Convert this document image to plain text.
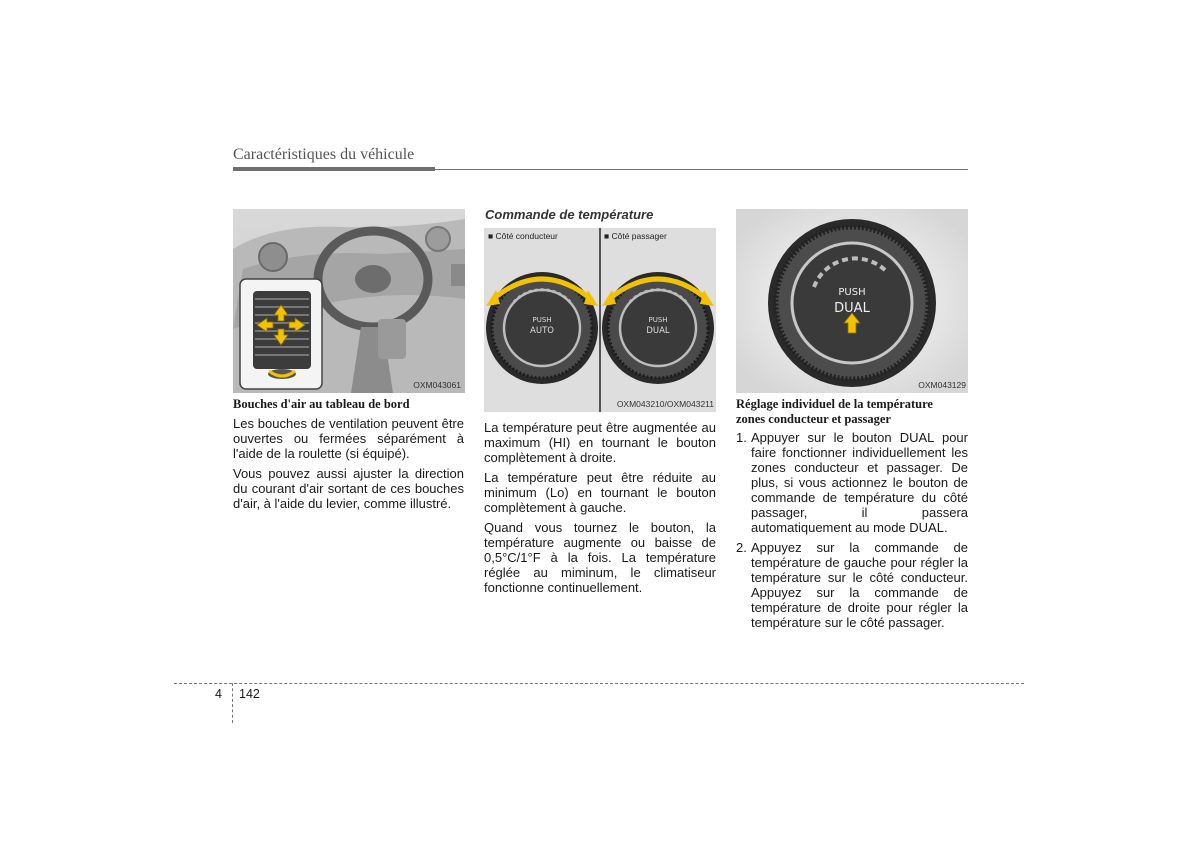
Caractéristiques du véhicule
OXM043061
Bouches d'air au tableau de bord

Les bouches de ventilation peuvent être ouvertes ou fermées séparément à l'aide de la roulette (si équipé).

Vous pouvez aussi ajuster la direction du courant d'air sortant de ces bouches d'air, à l'aide du levier, comme illustré.

Commande de température
■ Côté conducteur	■ Côté passager
PUSH
AUTO
PUSH
DUAL
OXM043210/OXM043211

La température peut être augmentée au maximum (HI) en tournant le bouton complètement à droite.

La température peut être réduite au minimum (Lo) en tournant le bouton complètement à gauche.

Quand vous tournez le bouton, la température augmente ou baisse de 0,5°C/1°F à la fois. La température réglée au miminum, le climatiseur fonctionne continuellement.

PUSH
DUAL
OXM043129
Réglage individuel de la température
zones conducteur et passager
1. Appuyer sur le bouton DUAL pour faire fonctionner individuellement les zones conducteur et passager. De plus, si vous actionnez le bouton de commande de température du côté passager, il passera automatiquement au mode DUAL.
2. Appuyez sur la commande de température de gauche pour régler la température sur le côté conducteur. Appuyez sur la commande de température de droite pour régler la température sur le côté passager.
4 142
